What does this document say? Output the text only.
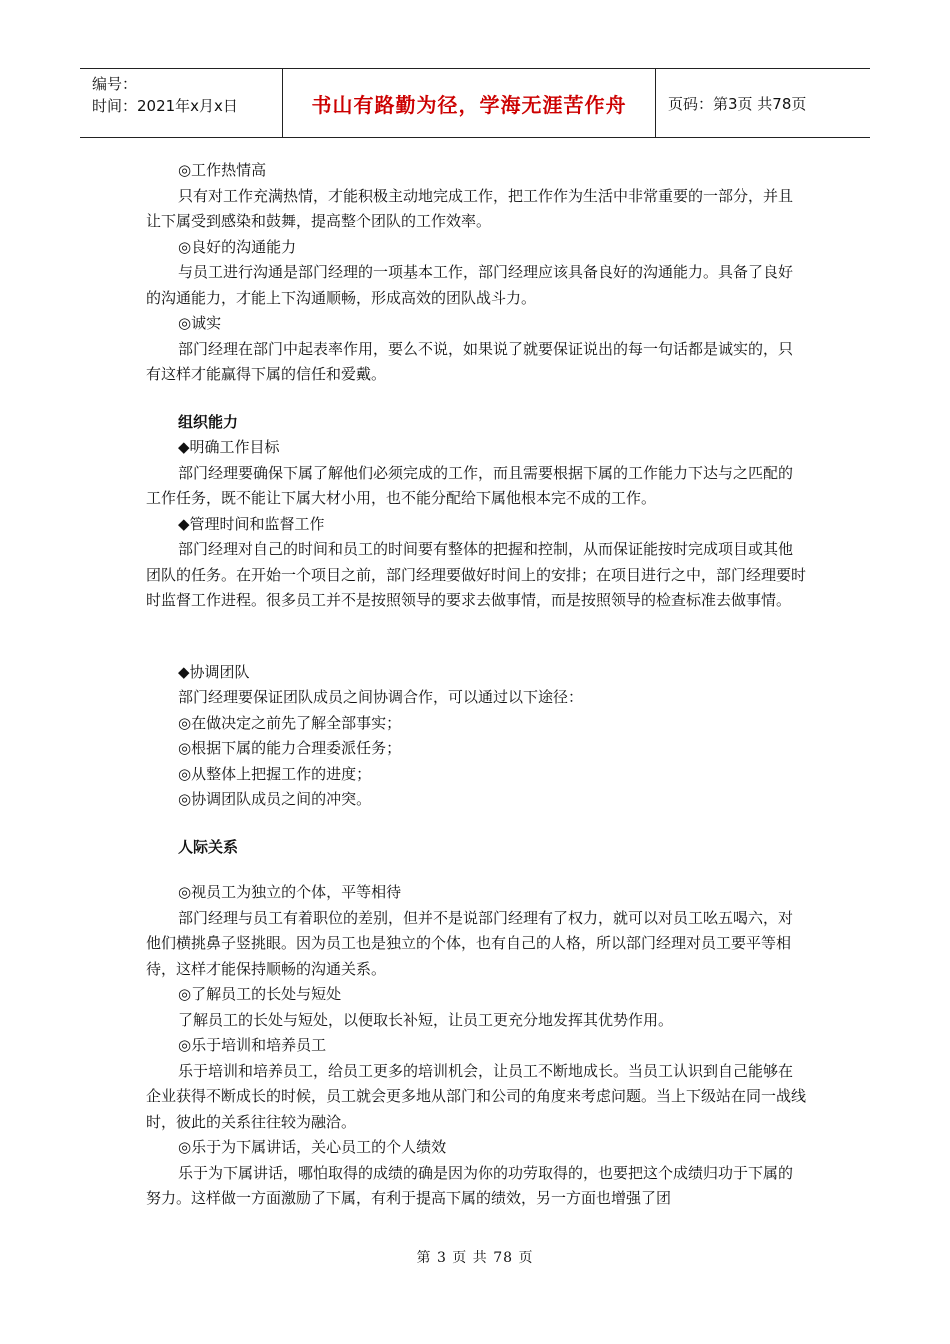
编号：
时间：2021年x月x日	书山有路勤为径，学海无涯苦作舟	页码：第3页 共78页

◎工作热情高

只有对工作充满热情，才能积极主动地完成工作，把工作作为生活中非常重要的一部分，并且让下属受到感染和鼓舞，提高整个团队的工作效率。

◎良好的沟通能力

与员工进行沟通是部门经理的一项基本工作，部门经理应该具备良好的沟通能力。具备了良好的沟通能力，才能上下沟通顺畅，形成高效的团队战斗力。

◎诚实

部门经理在部门中起表率作用，要么不说，如果说了就要保证说出的每一句话都是诚实的，只有这样才能赢得下属的信任和爱戴。

组织能力

◆明确工作目标

部门经理要确保下属了解他们必须完成的工作，而且需要根据下属的工作能力下达与之匹配的工作任务，既不能让下属大材小用，也不能分配给下属他根本完不成的工作。

◆管理时间和监督工作

部门经理对自己的时间和员工的时间要有整体的把握和控制，从而保证能按时完成项目或其他团队的任务。在开始一个项目之前，部门经理要做好时间上的安排；在项目进行之中，部门经理要时时监督工作进程。很多员工并不是按照领导的要求去做事情，而是按照领导的检查标准去做事情。

◆协调团队

部门经理要保证团队成员之间协调合作，可以通过以下途径：

◎在做决定之前先了解全部事实；

◎根据下属的能力合理委派任务；

◎从整体上把握工作的进度；

◎协调团队成员之间的冲突。

人际关系

◎视员工为独立的个体，平等相待

部门经理与员工有着职位的差别，但并不是说部门经理有了权力，就可以对员工吆五喝六，对他们横挑鼻子竖挑眼。因为员工也是独立的个体，也有自己的人格，所以部门经理对员工要平等相待，这样才能保持顺畅的沟通关系。

◎了解员工的长处与短处

了解员工的长处与短处，以便取长补短，让员工更充分地发挥其优势作用。

◎乐于培训和培养员工

乐于培训和培养员工，给员工更多的培训机会，让员工不断地成长。当员工认识到自己能够在企业获得不断成长的时候，员工就会更多地从部门和公司的角度来考虑问题。当上下级站在同一战线时，彼此的关系往往较为融洽。

◎乐于为下属讲话，关心员工的个人绩效

乐于为下属讲话，哪怕取得的成绩的确是因为你的功劳取得的，也要把这个成绩归功于下属的努力。这样做一方面激励了下属，有利于提高下属的绩效，另一方面也增强了团

第 3 页 共 78 页
